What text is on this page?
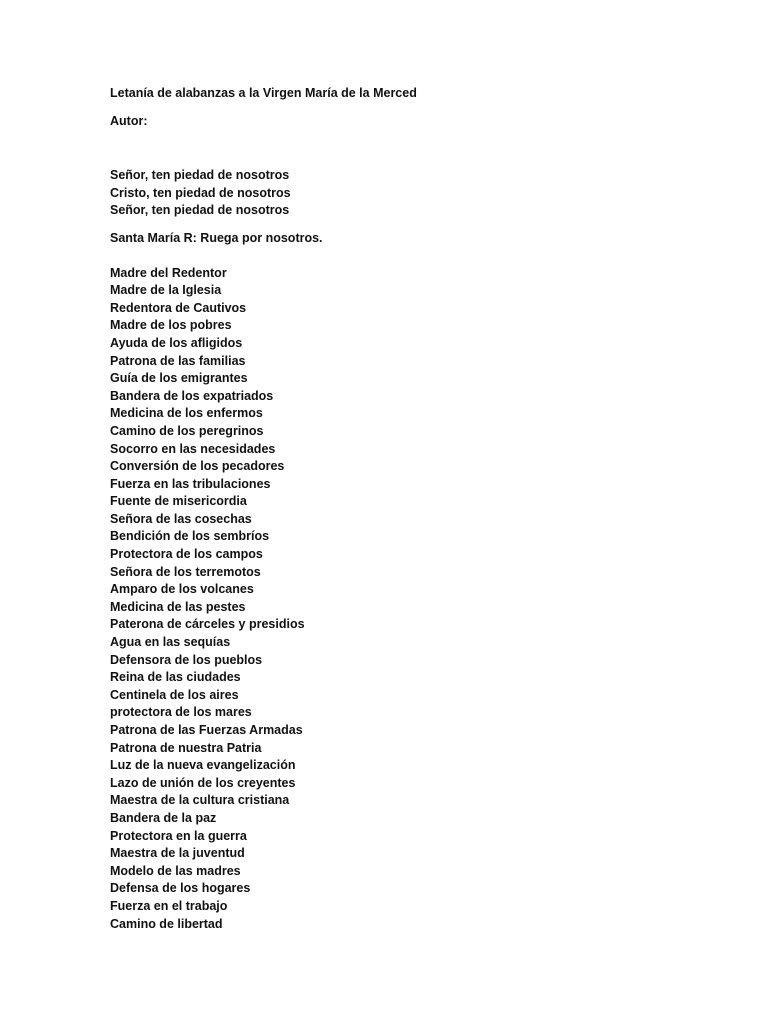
Letanía de alabanzas a la Virgen María de la Merced
Autor:
Señor, ten piedad de nosotros
Cristo, ten piedad de nosotros
Señor, ten piedad de nosotros
Santa María R: Ruega por nosotros.
Madre del Redentor
Madre de la Iglesia
Redentora de Cautivos
Madre de los pobres
Ayuda de los afligidos
Patrona de las familias
Guía de los emigrantes
Bandera de los expatriados
Medicina de los enfermos
Camino de los peregrinos
Socorro en las necesidades
Conversión de los pecadores
Fuerza en las tribulaciones
Fuente de misericordia
Señora de las cosechas
Bendición de los sembríos
Protectora de los campos
Señora de los terremotos
Amparo de los volcanes
Medicina de las pestes
Paterona de cárceles y presidios
Agua en las sequías
Defensora de los pueblos
Reina de las ciudades
Centinela de los aires
protectora de los mares
Patrona de las Fuerzas Armadas
Patrona de nuestra Patria
Luz de la nueva evangelización
Lazo de unión de los creyentes
Maestra de la cultura cristiana
Bandera de la paz
Protectora en la guerra
Maestra de la juventud
Modelo de las madres
Defensa de los hogares
Fuerza en el trabajo
Camino de libertad
